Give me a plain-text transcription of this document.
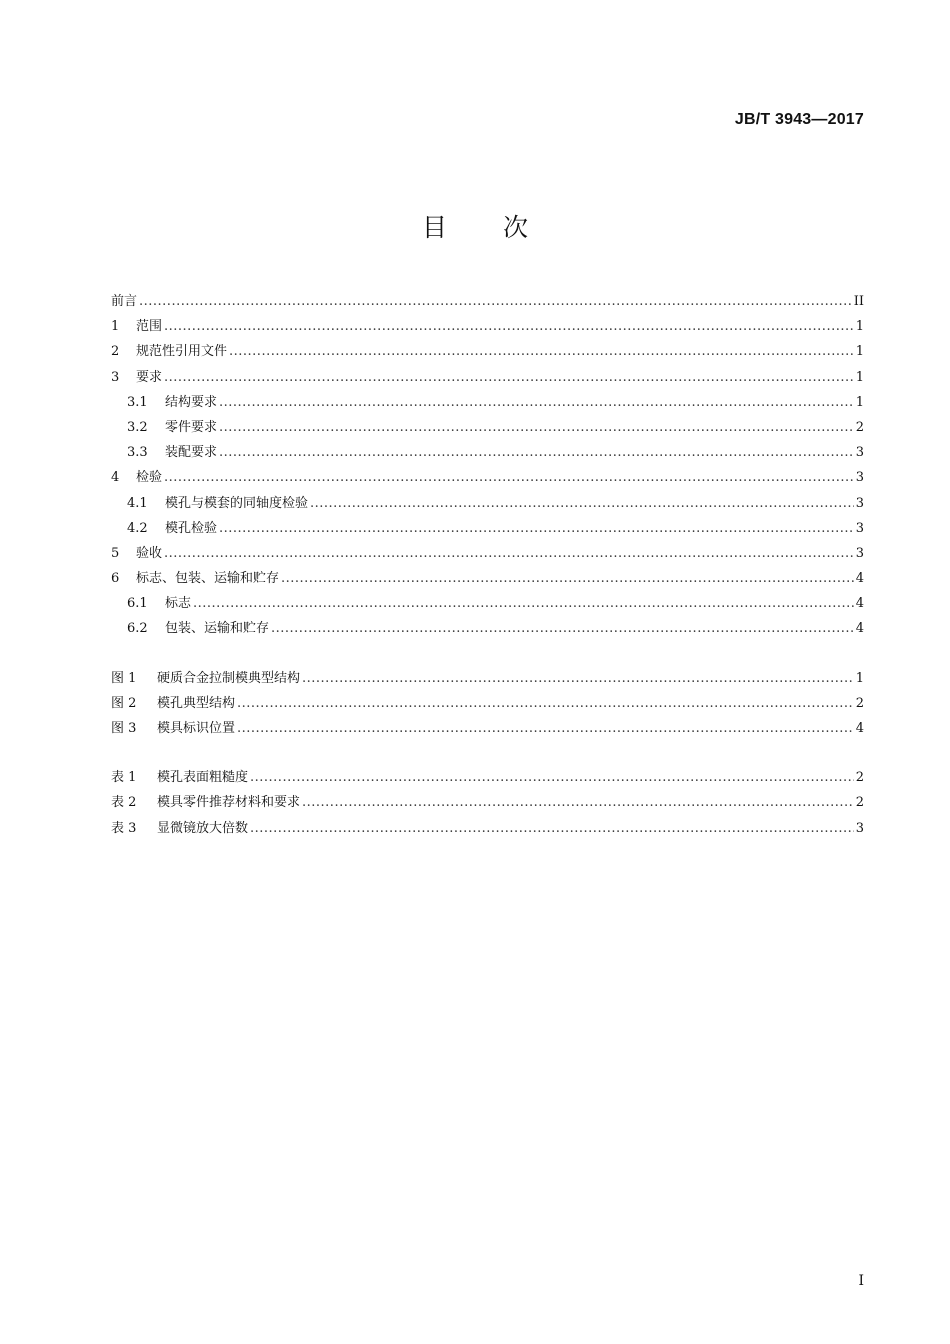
JB/T 3943—2017
目次
前言 .....	II
1	范围 .....	1
2	规范性引用文件 .....	1
3	要求 .....	1
3.1	结构要求 .....	1
3.2	零件要求 .....	2
3.3	装配要求 .....	3
4	检验 .....	3
4.1	模孔与模套的同轴度检验 .....	3
4.2	模孔检验 .....	3
5	验收 .....	3
6	标志、包装、运输和贮存 .....	4
6.1	标志 .....	4
6.2	包装、运输和贮存 .....	4
图 1	硬质合金拉制模典型结构 .....	1
图 2	模孔典型结构 .....	2
图 3	模具标识位置 .....	4
表 1	模孔表面粗糙度 .....	2
表 2	模具零件推荐材料和要求 .....	2
表 3	显微镜放大倍数 .....	3
I
